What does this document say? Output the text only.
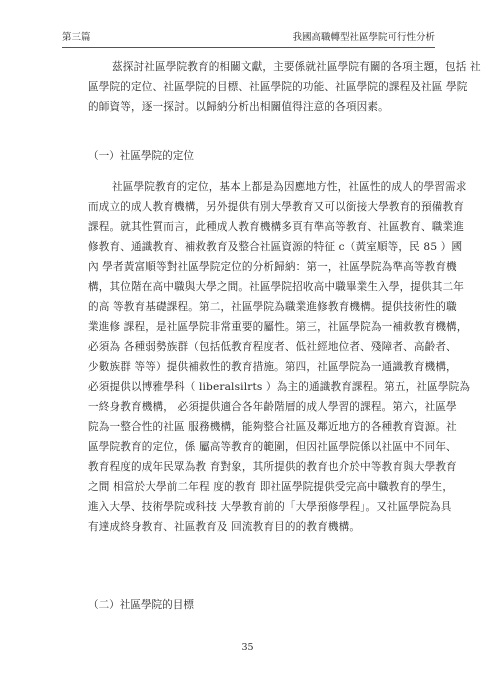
第三篇	我國高職轉型社區學院可行性分析
茲探討社區學院教育的相關文獻，主要係就社區學院有關的各項主題，包括 社
區學院的定位、社區學院的目標、社區學院的功能、社區學院的課程及社區 學院
的師資等，逐一探討。以歸納分析出相關值得注意的各項因素。
（一）社區學院的定位
社區學院教育的定位，基本上都是為因應地方性，社區性的成人的學習需求
而成立的成人教育機構，另外提供有別大學教育又可以銜接大學教育的預備教育
課程。就其性質而言，此種成人教育機構多頁有準高等教育、社區教育、職業進
修教育、通識教育、補救教育及整合社區資源的特征 c（黃室順等，民 85 ）國
內 學者黃富順等對社區學院定位的分析歸納：第一，社區學院為準高等教育機
構，其位階在高中職與大學之間。社區學院招收高中職畢業生入學，提供其二年
的高 等教育基礎課程。第二，社區學院為職業進修教育機構。提供技術性的職
業進修 課程，是社區學院非常重要的屬性。第三，社區學院為一補救教育機構，
必須為 各種弱勢族群（包括低教育程度者、低社經地位者、殘障者、高齡者、
少數族群 等等）提供補救性的教育措施。第四，社區學院為一通識教育機構，
必須提供以博雅學科（ liberalsilrts ）為主的通識教育課程。第五，社區學院為
一終身教育機構， 必須提供適合各年齡階層的成人學習的課程。第六，社區學
院為一整合性的社區 服務機構，能夠整合社區及鄰近地方的各種教育資源。社
區學院教育的定位，係 屬高等教育的範圍，但因社區學院係以社區中不同年、
教育程度的成年民眾為教 育對象，其所提供的教育也介於中等教育與大學教育
之間 相當於大學前二年程 度的教育 即社區學院提供受完高中職教育的學生，
進入大學、技術學院或科技 大學教育前的「大學預修學程」。又社區學院為具
有達成終身教育、社區教育及 回流教育目的的教育機構。
（二）社區學院的目標
35
